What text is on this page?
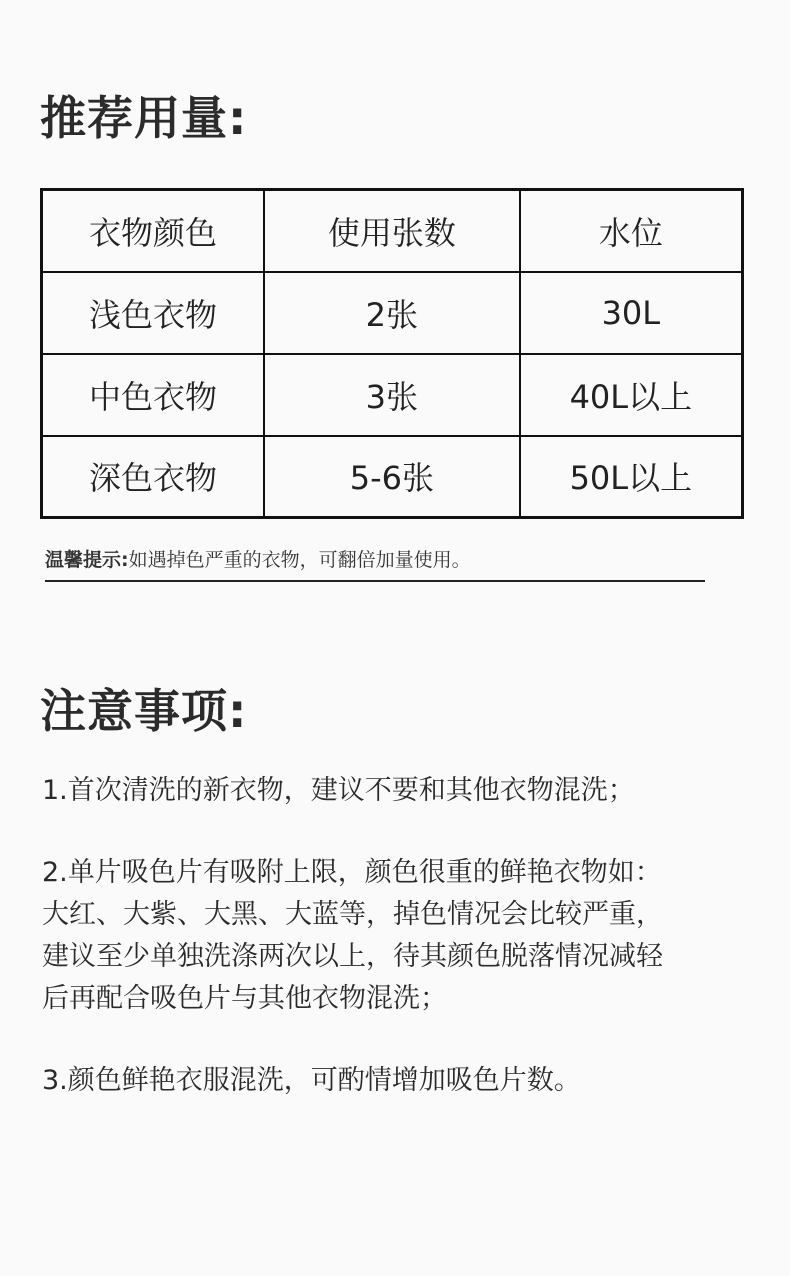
推荐用量:
衣物颜色	使用张数	水位
浅色衣物	2张	30L
中色衣物	3张	40L以上
深色衣物	5-6张	50L以上
温馨提示:如遇掉色严重的衣物，可翻倍加量使用。
注意事项:

1.首次清洗的新衣物，建议不要和其他衣物混洗；

2.单片吸色片有吸附上限，颜色很重的鲜艳衣物如：
大红、大紫、大黑、大蓝等，掉色情况会比较严重，
建议至少单独洗涤两次以上，待其颜色脱落情况减轻
后再配合吸色片与其他衣物混洗；

3.颜色鲜艳衣服混洗，可酌情增加吸色片数。
